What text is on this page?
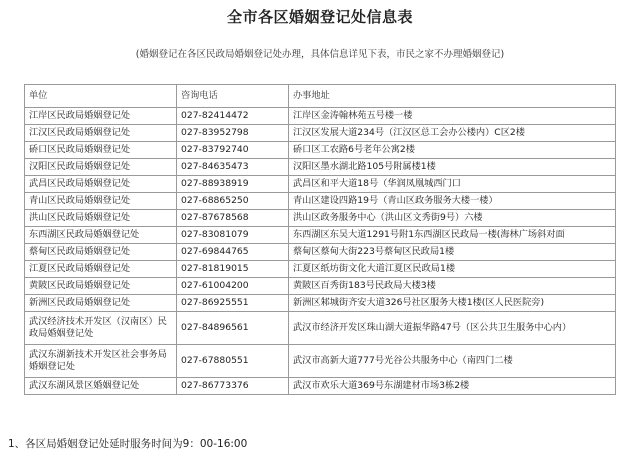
全市各区婚姻登记处信息表
(婚姻登记在各区民政局婚姻登记处办理，具体信息详见下表，市民之家不办理婚姻登记)
单位	咨询电话	办事地址
江岸区民政局婚姻登记处	027-82414472	江岸区金涛翰林苑五号楼一楼
江汉区民政局婚姻登记处	027-83952798	江汉区发展大道234号（江汉区总工会办公楼内）C区2楼
硚口区民政局婚姻登记处	027-83792740	硚口区工农路6号老年公寓2楼
汉阳区民政局婚姻登记处	027-84635473	汉阳区墨水湖北路105号附属楼1楼
武昌区民政局婚姻登记处	027-88938919	武昌区和平大道18号（华润凤凰城西门口
青山区民政局婚姻登记处	027-68865250	青山区建设四路19号（青山区政务服务大楼一楼）
洪山区民政局婚姻登记处	027-87678568	洪山区政务服务中心（洪山区文秀街9号）六楼
东西湖区民政局婚姻登记处	027-83081079	东西湖区东吴大道1291号附1东西湖区民政局一楼(海林广场斜对面
蔡甸区民政局婚姻登记处	027-69844765	蔡甸区蔡甸大街223号蔡甸区民政局1楼
江夏区民政局婚姻登记处	027-81819015	江夏区纸坊街文化大道江夏区民政局1楼
黄陂区民政局婚姻登记处	027-61004200	黄陂区百秀街183号民政局大楼3楼
新洲区民政局婚姻登记处	027-86925551	新洲区邾城街齐安大道326号社区服务大楼1楼(区人民医院旁)
武汉经济技术开发区（汉南区）民政局婚姻登记处	027-84896561	武汉市经济开发区珠山湖大道振华路47号（区公共卫生服务中心内）
武汉东湖新技术开发区社会事务局婚姻登记处	027-67880551	武汉市高新大道777号光谷公共服务中心（南四门二楼
武汉东湖风景区婚姻登记处	027-86773376	武汉市欢乐大道369号东湖建材市场3栋2楼
1、各区局婚姻登记处延时服务时间为9：00-16:00
